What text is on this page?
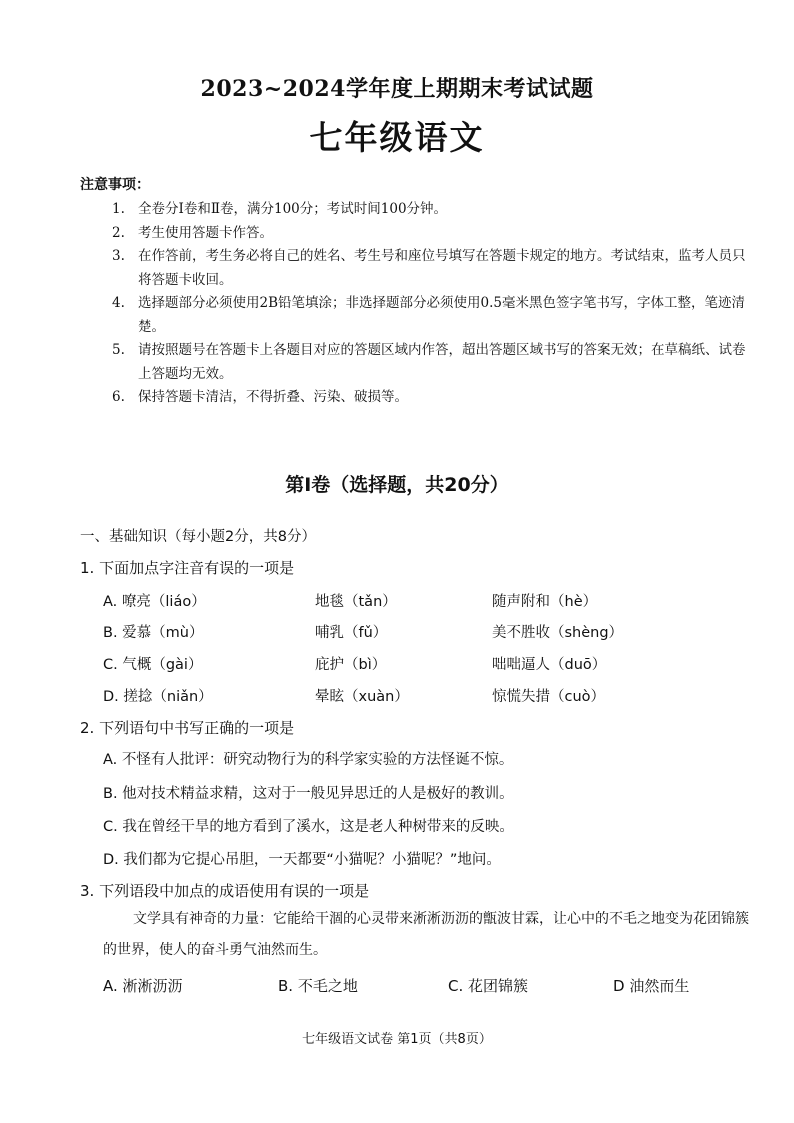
2023~2024学年度上期期末考试试题
七年级语文
注意事项：
1. 全卷分Ⅰ卷和Ⅱ卷，满分100分；考试时间100分钟。
2. 考生使用答题卡作答。
3. 在作答前，考生务必将自己的姓名、考生号和座位号填写在答题卡规定的地方。考试结束，监考人员只将答题卡收回。
4. 选择题部分必须使用2B铅笔填涂；非选择题部分必须使用0.5毫米黑色签字笔书写，字体工整，笔迹清楚。
5. 请按照题号在答题卡上各题目对应的答题区域内作答，超出答题区域书写的答案无效；在草稿纸、试卷上答题均无效。
6. 保持答题卡清洁，不得折叠、污染、破损等。
第Ⅰ卷（选择题，共20分）
一、基础知识（每小题2分，共8分）
1. 下面加点字注音有误的一项是
A. 嘹亮（liáo）	地毯（tǎn）	随声附和（hè）
B. 爱慕（mù）	哺乳（fǔ）	美不胜收（shèng）
C. 气概（gài）	庇护（bì）	咄咄逼人（duō）
D. 搓捻（niǎn）	晕眩（xuàn）	惊慌失措（cuò）
2. 下列语句中书写正确的一项是
A. 不怪有人批评：研究动物行为的科学家实验的方法怪诞不惊。
B. 他对技术精益求精，这对于一般见异思迁的人是极好的教训。
C. 我在曾经干旱的地方看到了溪水，这是老人种树带来的反映。
D. 我们都为它提心吊胆，一天都要“小猫呢？小猫呢？”地问。
3. 下列语段中加点的成语使用有误的一项是
文学具有神奇的力量：它能给干涸的心灵带来淅淅沥沥的甑波甘霖，让心中的不毛之地变为花团锦簇的世界，使人的奋斗勇气油然而生。
A. 淅淅沥沥	B. 不毛之地	C. 花团锦簇	D 油然而生
七年级语文试卷 第1页（共8页）
